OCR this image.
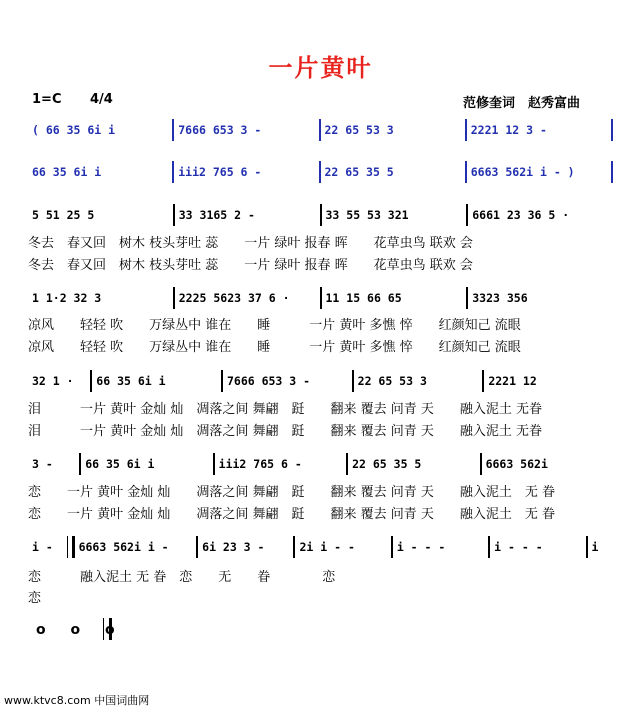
一片黄叶
1=C 4/4	范修奎词　赵秀富曲
( 66 35 6i i	7666 653 3 -	22 65 53 3	2221 12 3 -
66 35 6i i	iii2 765 6 -	22 65 35 5	6663 562i i - )
5 51 25 5	33 3165 2 -	33 55 53 321	6661 23 36 5 ·
冬去　春又回　树木 枝头芽吐 蕊　　一片 绿叶 报春 晖　　花草虫鸟 联欢 会
冬去　春又回　树木 枝头芽吐 蕊　　一片 绿叶 报春 晖　　花草虫鸟 联欢 会
1 1·2 32 3	2225 5623 37 6 ·	11 15 66 65	3323 356
凉风　　轻轻 吹　　万绿丛中 谁在　　睡　　　一片 黄叶 多憔 悴　　红颜知己 流眼
凉风　　轻轻 吹　　万绿丛中 谁在　　睡　　　一片 黄叶 多憔 悴　　红颜知己 流眼
32 1 ·	66 35 6i i	7666 653 3 -	22 65 53 3	2221 12
泪　　　一片 黄叶 金灿 灿　凋落之间 舞翩　跹　　翻来 覆去 问青 天　　融入泥土 无眷
泪　　　一片 黄叶 金灿 灿　凋落之间 舞翩　跹　　翻来 覆去 问青 天　　融入泥土 无眷
3 -	66 35 6i i	iii2 765 6 -	22 65 35 5	6663 562i
恋　　一片 黄叶 金灿 灿　　凋落之间 舞翩　跹　　翻来 覆去 问青 天　　融入泥土　无 眷
恋　　一片 黄叶 金灿 灿　　凋落之间 舞翩　跹　　翻来 覆去 问青 天　　融入泥土　无 眷
i -	6663 562i i -	6i 23 3 -	2i i - -	i - - -	i - - -	i
恋　　　融入泥土 无 眷　恋　　无　　眷　　　　恋
恋
o o o
www.ktvc8.com 中国词曲网
